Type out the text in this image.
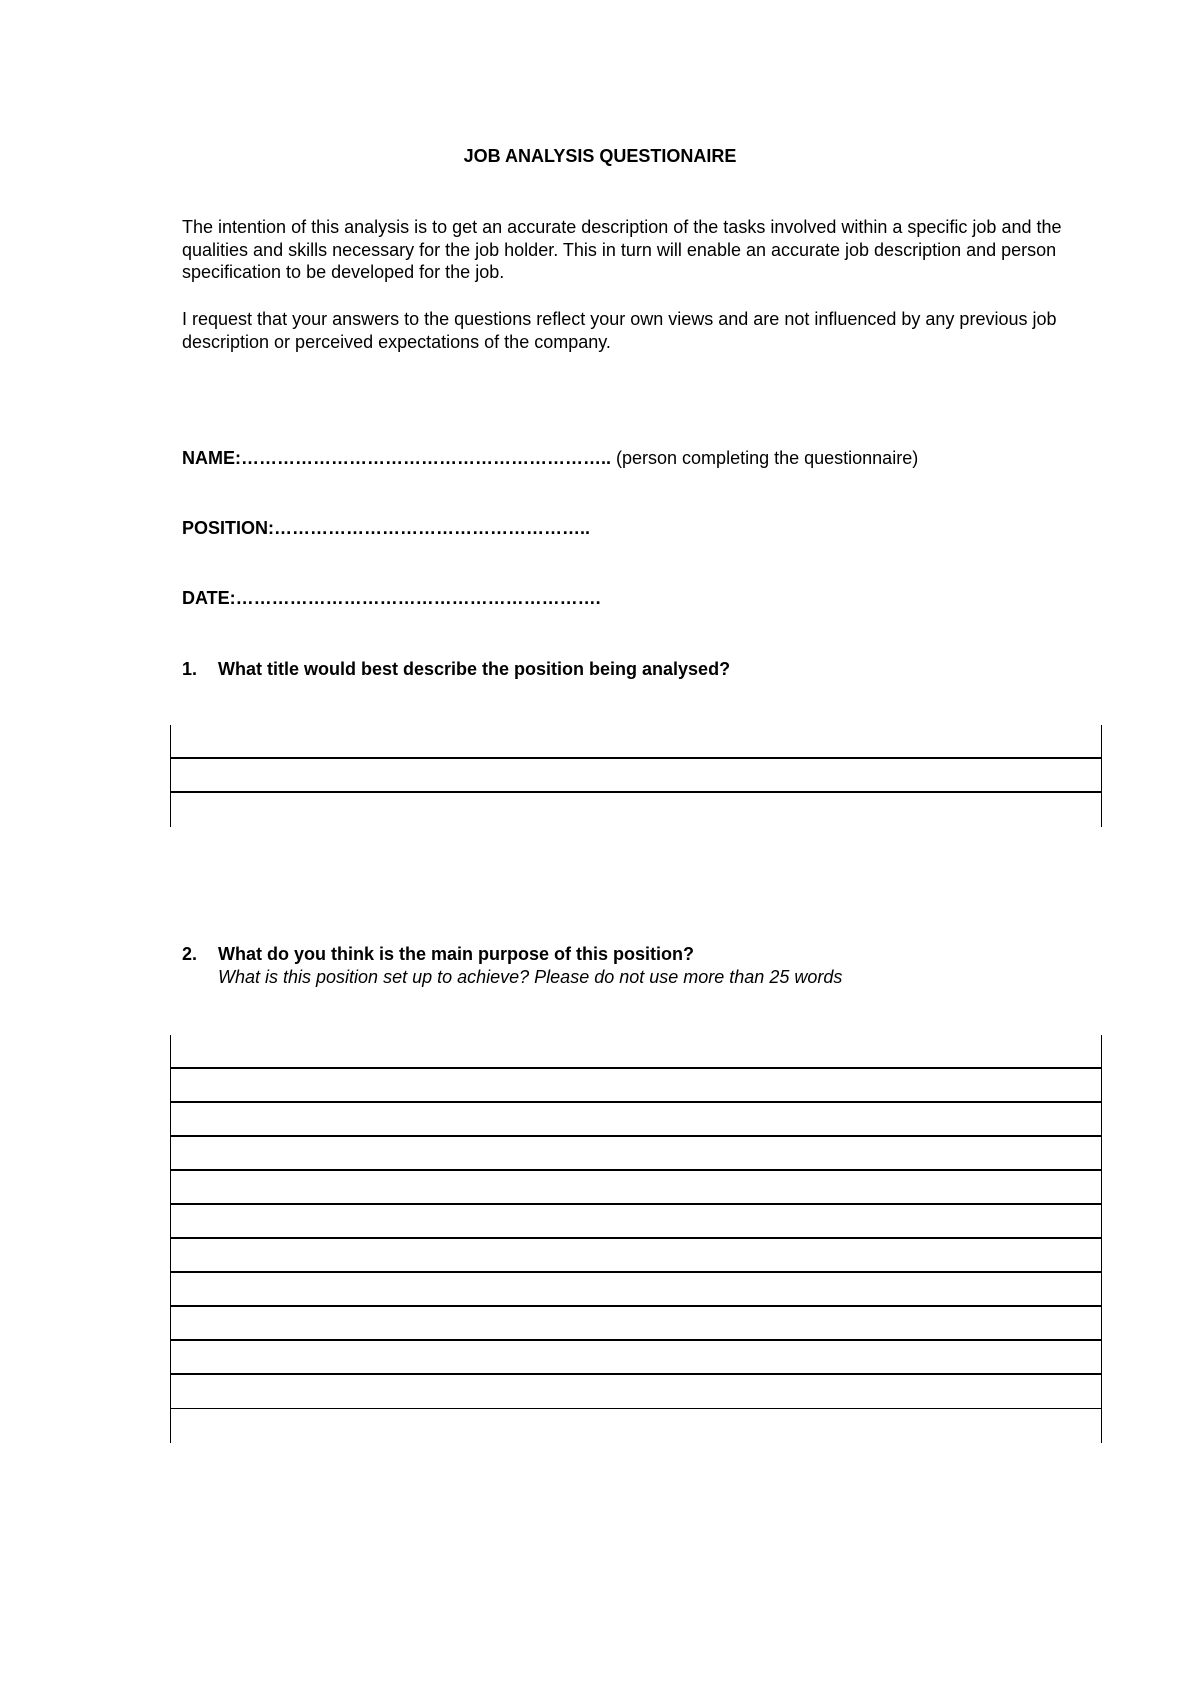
JOB ANALYSIS QUESTIONAIRE
The intention of this analysis is to get an accurate description of the tasks involved within a specific job and the qualities and skills necessary for the job holder. This in turn will enable an accurate job description and person specification to be developed for the job.
I request that your answers to the questions reflect your own views and are not influenced by any previous job description or perceived expectations of the company.
NAME:…………………………………………………….. (person completing the questionnaire)
POSITION:……………………………………………..
DATE:…………………………………………………….
1. What title would best describe the position being analysed?
2. What do you think is the main purpose of this position?
What is this position set up to achieve? Please do not use more than 25 words
